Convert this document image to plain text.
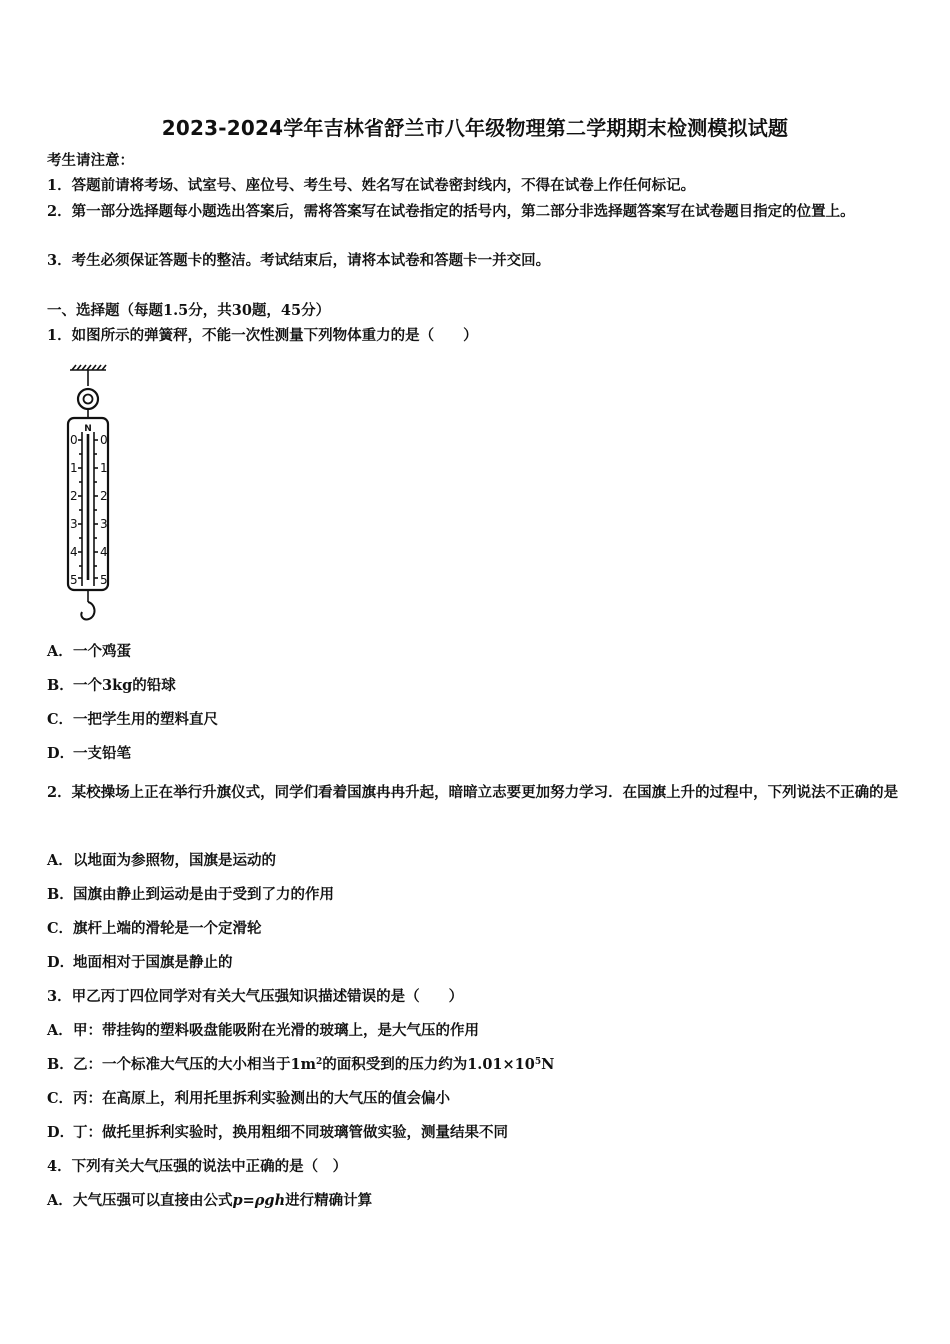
2023-2024学年吉林省舒兰市八年级物理第二学期期末检测模拟试题
考生请注意：
1．答题前请将考场、试室号、座位号、考生号、姓名写在试卷密封线内，不得在试卷上作任何标记。
2．第一部分选择题每小题选出答案后，需将答案写在试卷指定的括号内，第二部分非选择题答案写在试卷题目指定的位置上。
3．考生必须保证答题卡的整洁。考试结束后，请将本试卷和答题卡一并交回。
一、选择题（每题1.5分，共30题，45分）
1．如图所示的弹簧秤，不能一次性测量下列物体重力的是（　　）
N
0 0
1 1
2 2
3 3
4 4
5 5
A．一个鸡蛋
B．一个3kg的铅球
C．一把学生用的塑料直尺
D．一支铅笔
2．某校操场上正在举行升旗仪式，同学们看着国旗冉冉升起，暗暗立志要更加努力学习．在国旗上升的过程中，下列说法不正确的是
A．以地面为参照物，国旗是运动的
B．国旗由静止到运动是由于受到了力的作用
C．旗杆上端的滑轮是一个定滑轮
D．地面相对于国旗是静止的
3．甲乙丙丁四位同学对有关大气压强知识描述错误的是（　　）
A．甲：带挂钩的塑料吸盘能吸附在光滑的玻璃上，是大气压的作用
B．乙：一个标准大气压的大小相当于$1m^2$的面积受到的压力约为$1.01\times 10^5N$
C．丙：在高原上，利用托里拆利实验测出的大气压的值会偏小
D．丁：做托里拆利实验时，换用粗细不同玻璃管做实验，测量结果不同
4．下列有关大气压强的说法中正确的是（　）
A．大气压强可以直接由公式p=ρgh进行精确计算
